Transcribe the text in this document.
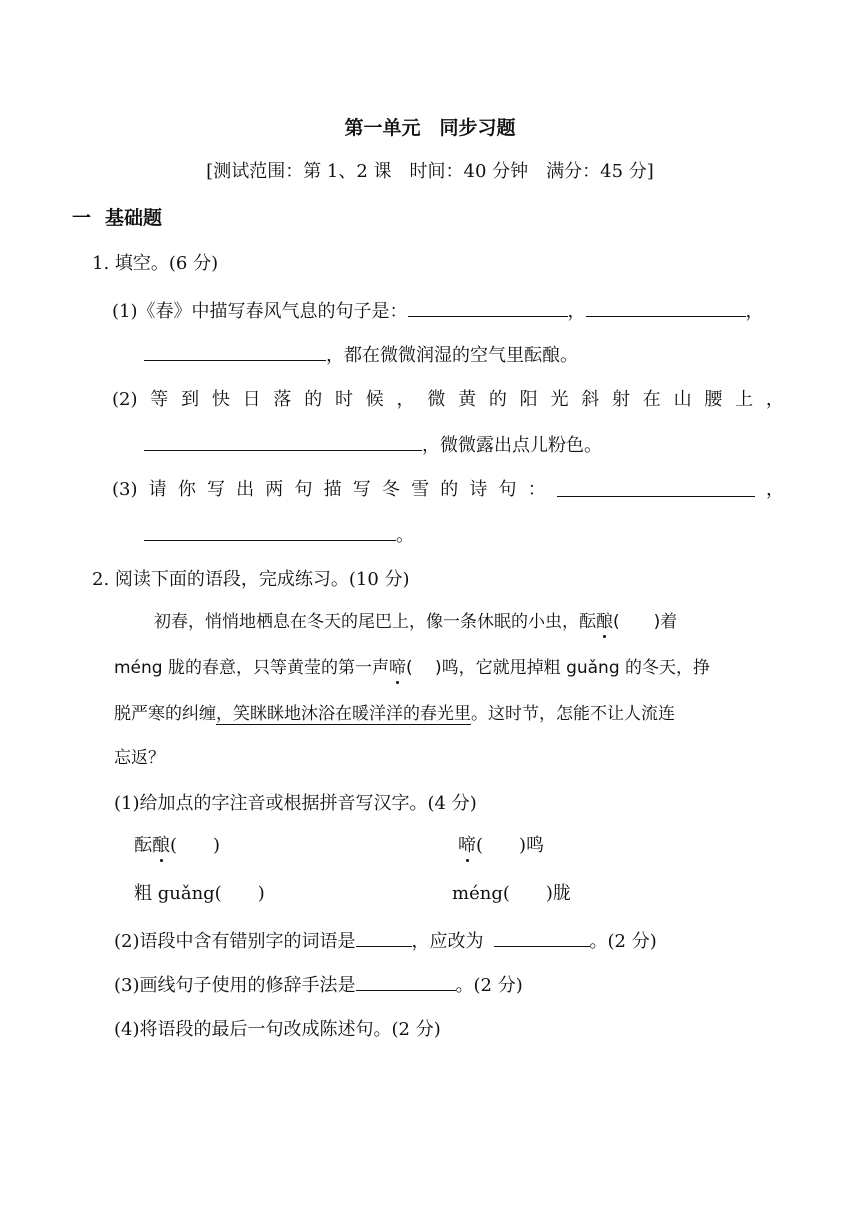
第一单元　同步习题
[测试范围：第 1、2 课　时间：40 分钟　满分：45 分]
一 基础题
1. 填空。(6 分)
(1)《春》中描写春风气息的句子是：	，	，
，都在微微润湿的空气里酝酿。
(2) 等 到 快 日 落 的 时 候 ， 微 黄 的 阳 光 斜 射 在 山 腰 上 ，
，微微露出点儿粉色。
(3) 请 你 写 出 两 句 描 写 冬 雪 的 诗 句 ：	，
。
2. 阅读下面的语段，完成练习。(10 分)
初春，悄悄地栖息在冬天的尾巴上，像一条休眠的小虫，酝酿(　　)着
méng 胧的春意，只等黄莹的第一声啼(　 )鸣，它就甩掉粗 guǎng 的冬天，挣
脱严寒的纠缠，笑眯眯地沐浴在暖洋洋的春光里。这时节，怎能不让人流连
忘返？
(1)给加点的字注音或根据拼音写汉字。(4 分)
酝酿(　　)	啼(　　)鸣
粗 guǎng(　　)	méng(　　)胧
(2)语段中含有错别字的词语是	，应改为	。(2 分)
(3)画线句子使用的修辞手法是	。(2 分)
(4)将语段的最后一句改成陈述句。(2 分)
